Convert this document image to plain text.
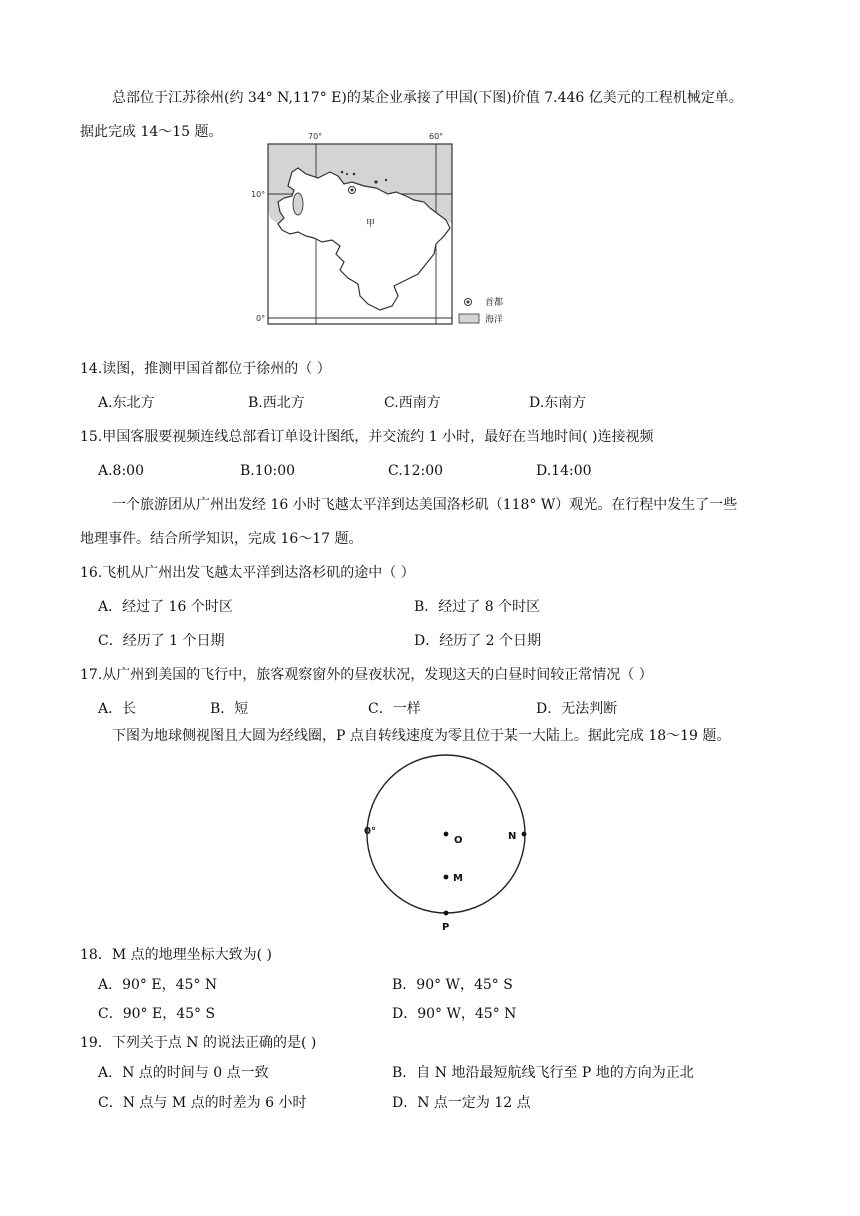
总部位于江苏徐州(约 34° N,117° E)的某企业承接了甲国(下图)价值 7.446 亿美元的工程机械定单。
据此完成 14～15 题。	70°	60°
10°
0°
甲
首都
海洋
14.读图，推测甲国首都位于徐州的（ ）
A.东北方	B.西北方	C.西南方	D.东南方
15.甲国客服要视频连线总部看订单设计图纸，并交流约 1 小时，最好在当地时间( )连接视频
A.8:00	B.10:00	C.12:00	D.14:00
一个旅游团从广州出发经 16 小时飞越太平洋到达美国洛杉矶（118° W）观光。在行程中发生了一些
地理事件。结合所学知识，完成 16～17 题。
16.飞机从广州出发飞越太平洋到达洛杉矶的途中（ ）
A．经过了 16 个时区	B．经过了 8 个时区
C．经历了 1 个日期	D．经历了 2 个日期
17.从广州到美国的飞行中，旅客观察窗外的昼夜状况，发现这天的白昼时间较正常情况（ ）
A．长	B．短	C．一样	D．无法判断
下图为地球侧视图且大圆为经线圈，P 点自转线速度为零且位于某一大陆上。据此完成 18～19 题。
0°
O	N
M
P
18．M 点的地理坐标大致为( )
A．90° E，45° N	B．90° W，45° S
C．90° E，45° S	D．90° W，45° N
19．下列关于点 N 的说法正确的是( )
A．N 点的时间与 0 点一致	B．自 N 地沿最短航线飞行至 P 地的方向为正北
C．N 点与 M 点的时差为 6 小时	D．N 点一定为 12 点
